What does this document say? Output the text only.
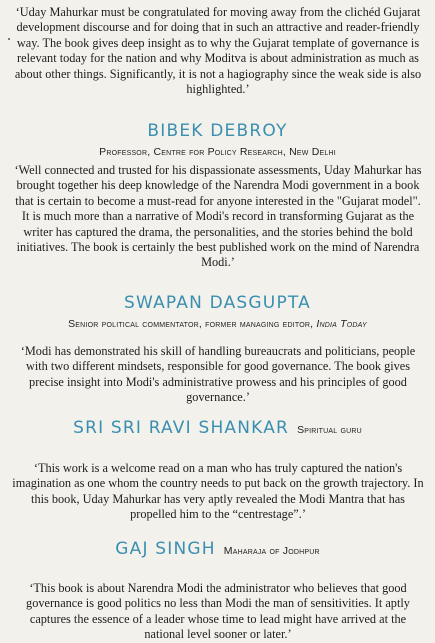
‘Uday Mahurkar must be congratulated for moving away from the clichéd Gujarat development discourse and for doing that in such an attractive and reader-friendly way. The book gives deep insight as to why the Gujarat template of governance is relevant today for the nation and why Moditva is about administration as much as about other things. Significantly, it is not a hagiography since the weak side is also highlighted.’

BIBEK DEBROY
Professor, Centre for Policy Research, New Delhi

‘Well connected and trusted for his dispassionate assessments, Uday Mahurkar has brought together his deep knowledge of the Narendra Modi government in a book that is certain to become a must-read for anyone interested in the "Gujarat model". It is much more than a narrative of Modi's record in transforming Gujarat as the writer has captured the drama, the personalities, and the stories behind the bold initiatives. The book is certainly the best published work on the mind of Narendra Modi.’

SWAPAN DASGUPTA
Senior political commentator, former managing editor, India Today

‘Modi has demonstrated his skill of handling bureaucrats and politicians, people with two different mindsets, responsible for good governance. The book gives precise insight into Modi's administrative prowess and his principles of good governance.’

SRI SRI RAVI SHANKAR Spiritual guru

‘This work is a welcome read on a man who has truly captured the nation's imagination as one whom the country needs to put back on the growth trajectory. In this book, Uday Mahurkar has very aptly revealed the Modi Mantra that has propelled him to the “centrestage”.’

GAJ SINGH Maharaja of Jodhpur

‘This book is about Narendra Modi the administrator who believes that good governance is good politics no less than Modi the man of sensitivities. It aptly captures the essence of a leader whose time to lead might have arrived at the national level sooner or later.’
